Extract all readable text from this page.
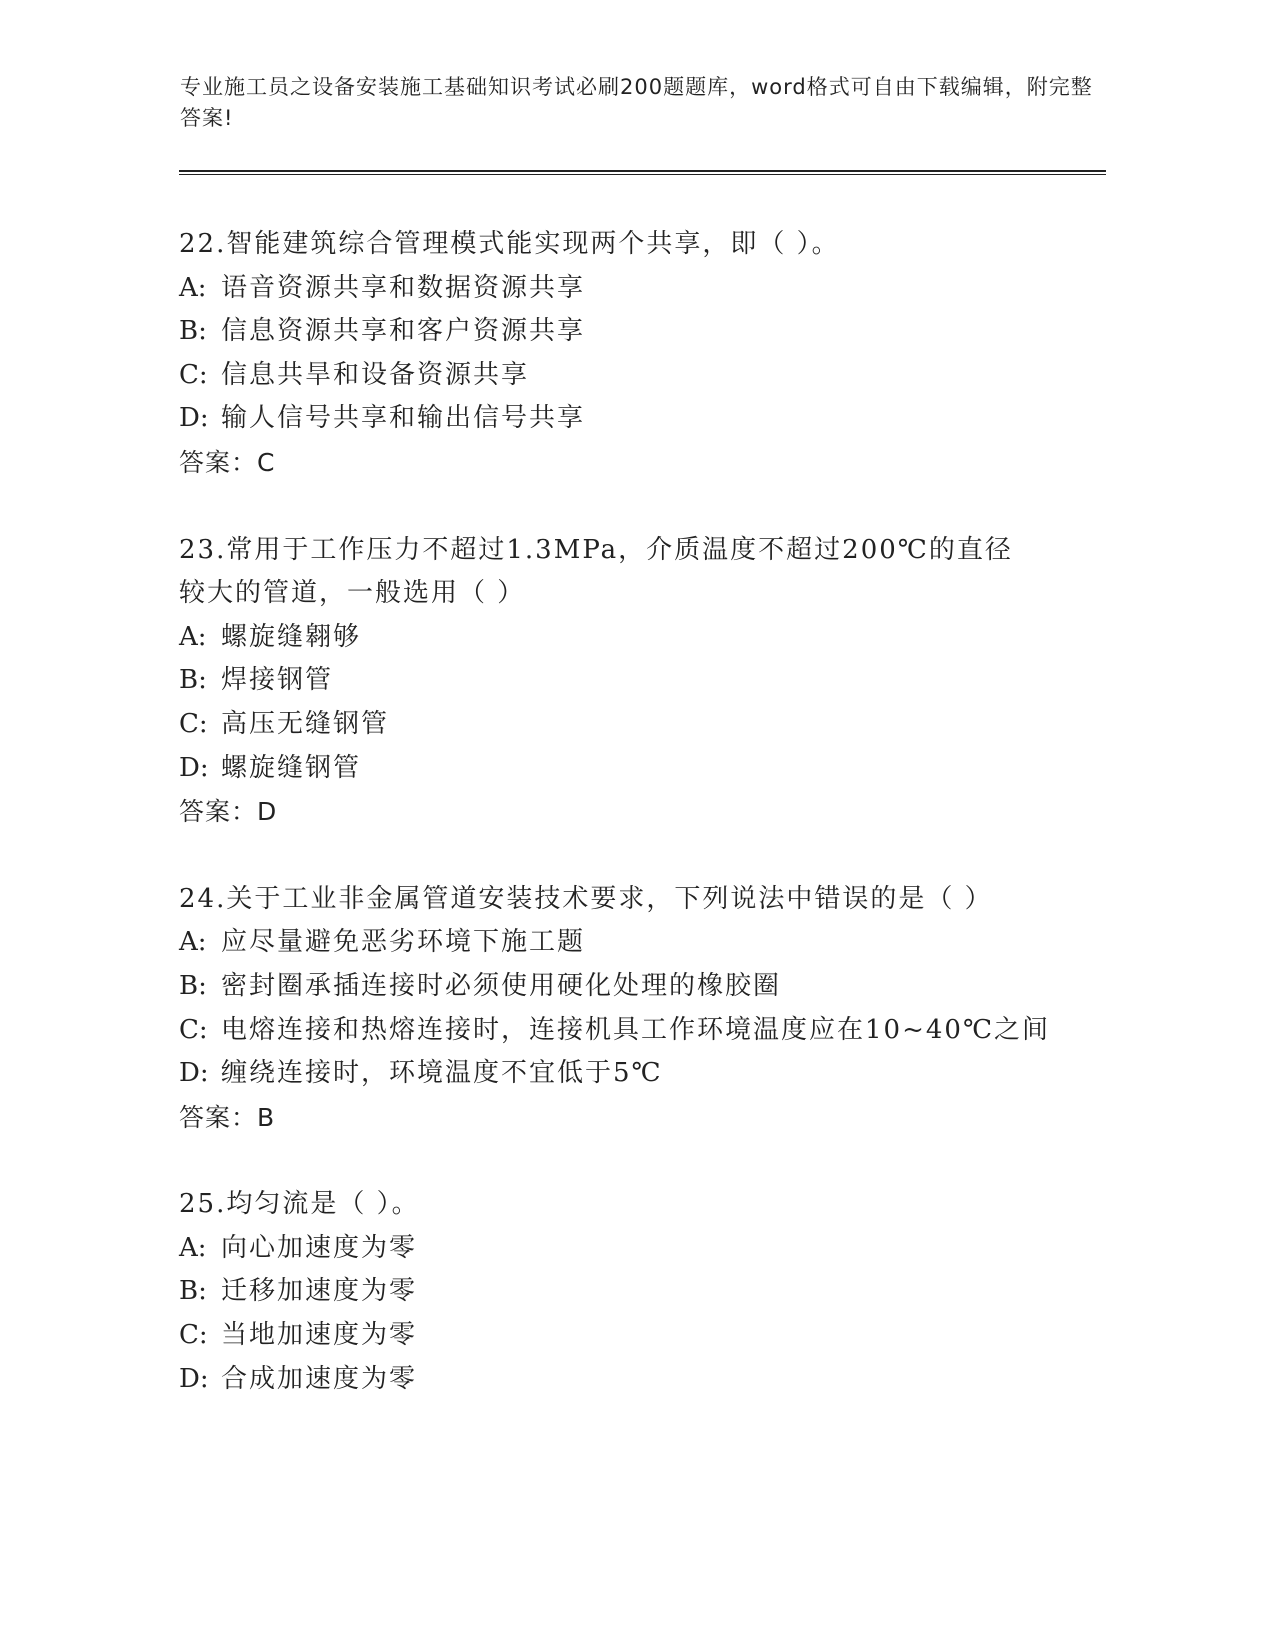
专业施工员之设备安装施工基础知识考试必刷200题题库，word格式可自由下载编辑，附完整答案!
22.智能建筑综合管理模式能实现两个共享，即（ ）。
A: 语音资源共享和数据资源共享
B: 信息资源共享和客户资源共享
C: 信息共旱和设备资源共享
D: 输人信号共享和输出信号共享
答案：C
23.常用于工作压力不超过1.3MPa，介质温度不超过200℃的直径较大的管道，一般选用（ ）
A: 螺旋缝翱够
B: 焊接钢管
C: 高压无缝钢管
D: 螺旋缝钢管
答案：D
24.关于工业非金属管道安装技术要求，下列说法中错误的是（ ）
A: 应尽量避免恶劣环境下施工题
B: 密封圈承插连接时必须使用硬化处理的橡胶圈
C: 电熔连接和热熔连接时，连接机具工作环境温度应在10~40℃之间
D: 缠绕连接时，环境温度不宜低于5℃
答案：B
25.均匀流是（ ）。
A: 向心加速度为零
B: 迁移加速度为零
C: 当地加速度为零
D: 合成加速度为零
